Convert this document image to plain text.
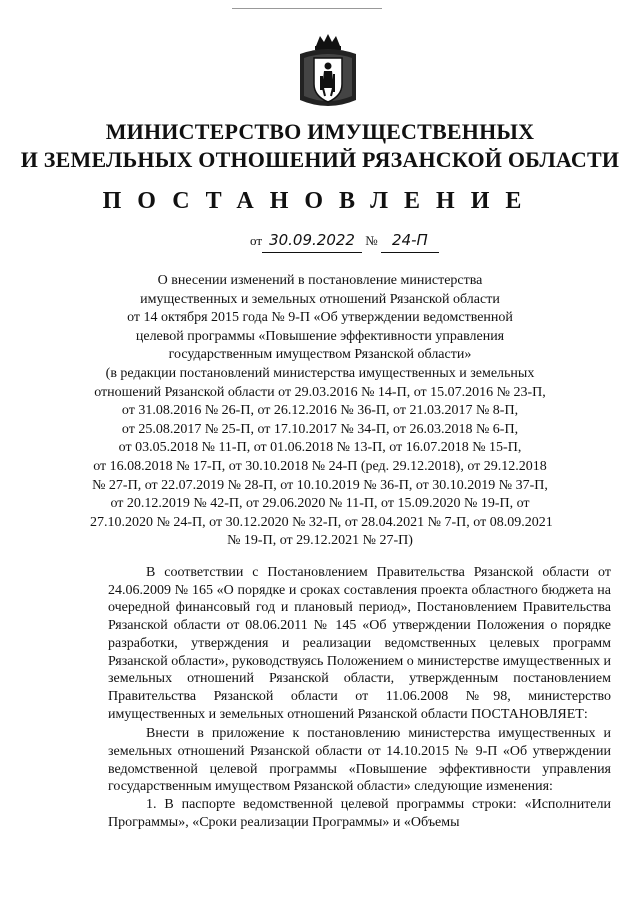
МИНИСТЕРСТВО ИМУЩЕСТВЕННЫХ
И ЗЕМЕЛЬНЫХ ОТНОШЕНИЙ РЯЗАНСКОЙ ОБЛАСТИ
ПОСТАНОВЛЕНИЕ
от 30.09.2022 № 24-П
О внесении изменений в постановление министерства
имущественных и земельных отношений Рязанской области
от 14 октября 2015 года № 9-П «Об утверждении ведомственной
целевой программы «Повышение эффективности управления
государственным имуществом Рязанской области»
(в редакции постановлений министерства имущественных и земельных
отношений Рязанской области от 29.03.2016 № 14-П, от 15.07.2016 № 23-П,
от 31.08.2016 № 26-П, от 26.12.2016 № 36-П, от 21.03.2017 № 8-П,
от 25.08.2017 № 25-П, от 17.10.2017 № 34-П, от 26.03.2018 № 6-П,
от 03.05.2018 № 11-П, от 01.06.2018 № 13-П, от 16.07.2018 № 15-П,
от 16.08.2018 № 17-П, от 30.10.2018 № 24-П (ред. 29.12.2018), от 29.12.2018
№ 27-П, от 22.07.2019 № 28-П, от 10.10.2019 № 36-П, от 30.10.2019 № 37-П,
от 20.12.2019 № 42-П, от 29.06.2020 № 11-П, от 15.09.2020 № 19-П, от
27.10.2020 № 24-П, от 30.12.2020 № 32-П, от 28.04.2021 № 7-П, от 08.09.2021
№ 19-П, от 29.12.2021 № 27-П)

В соответствии с Постановлением Правительства Рязанской области от 24.06.2009 № 165 «О порядке и сроках составления проекта областного бюджета на очередной финансовый год и плановый период», Постановлением Правительства Рязанской области от 08.06.2011 № 145 «Об утверждении Положения о порядке разработки, утверждения и реализации ведомственных целевых программ Рязанской области», руководствуясь Положением о министерстве имущественных и земельных отношений Рязанской области, утвержденным постановлением Правительства Рязанской области от 11.06.2008 №98, министерство имущественных и земельных отношений Рязанской области ПОСТАНОВЛЯЕТ:

Внести в приложение к постановлению министерства имущественных и земельных отношений Рязанской области от 14.10.2015 № 9-П «Об утверждении ведомственной целевой программы «Повышение эффективности управления государственным имуществом Рязанской области» следующие изменения:

1. В паспорте ведомственной целевой программы строки: «Исполнители Программы», «Сроки реализации Программы» и «Объемы
